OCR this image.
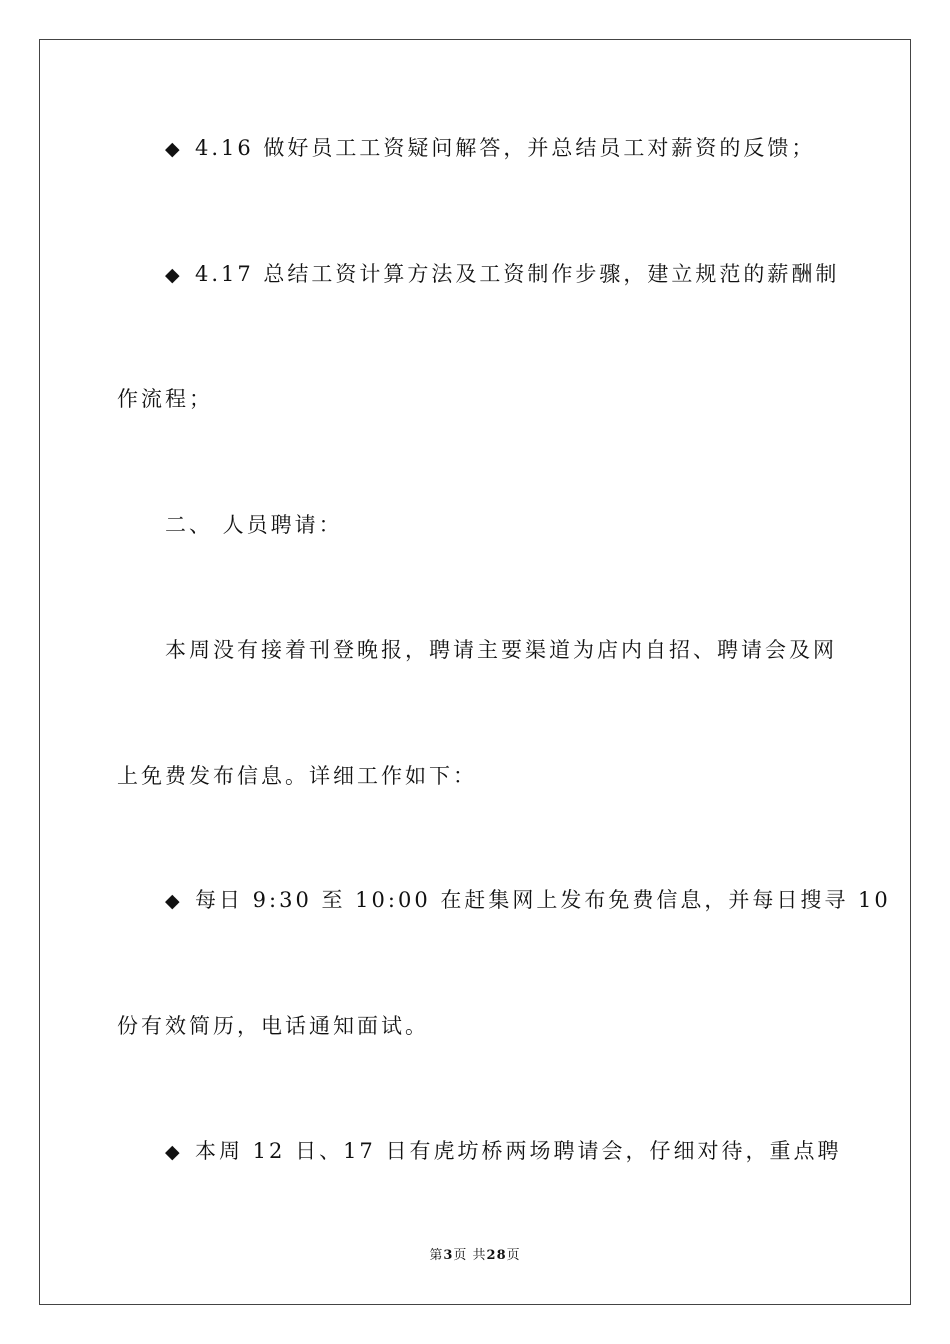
◆ 4.16 做好员工工资疑问解答，并总结员工对薪资的反馈；
◆ 4.17 总结工资计算方法及工资制作步骤，建立规范的薪酬制
作流程；
二、 人员聘请：
本周没有接着刊登晚报，聘请主要渠道为店内自招、聘请会及网
上免费发布信息。详细工作如下：
◆ 每日 9:30 至 10:00 在赶集网上发布免费信息，并每日搜寻 10
份有效简历，电话通知面试。
◆ 本周 12 日、17 日有虎坊桥两场聘请会，仔细对待，重点聘
第3页 共28页
